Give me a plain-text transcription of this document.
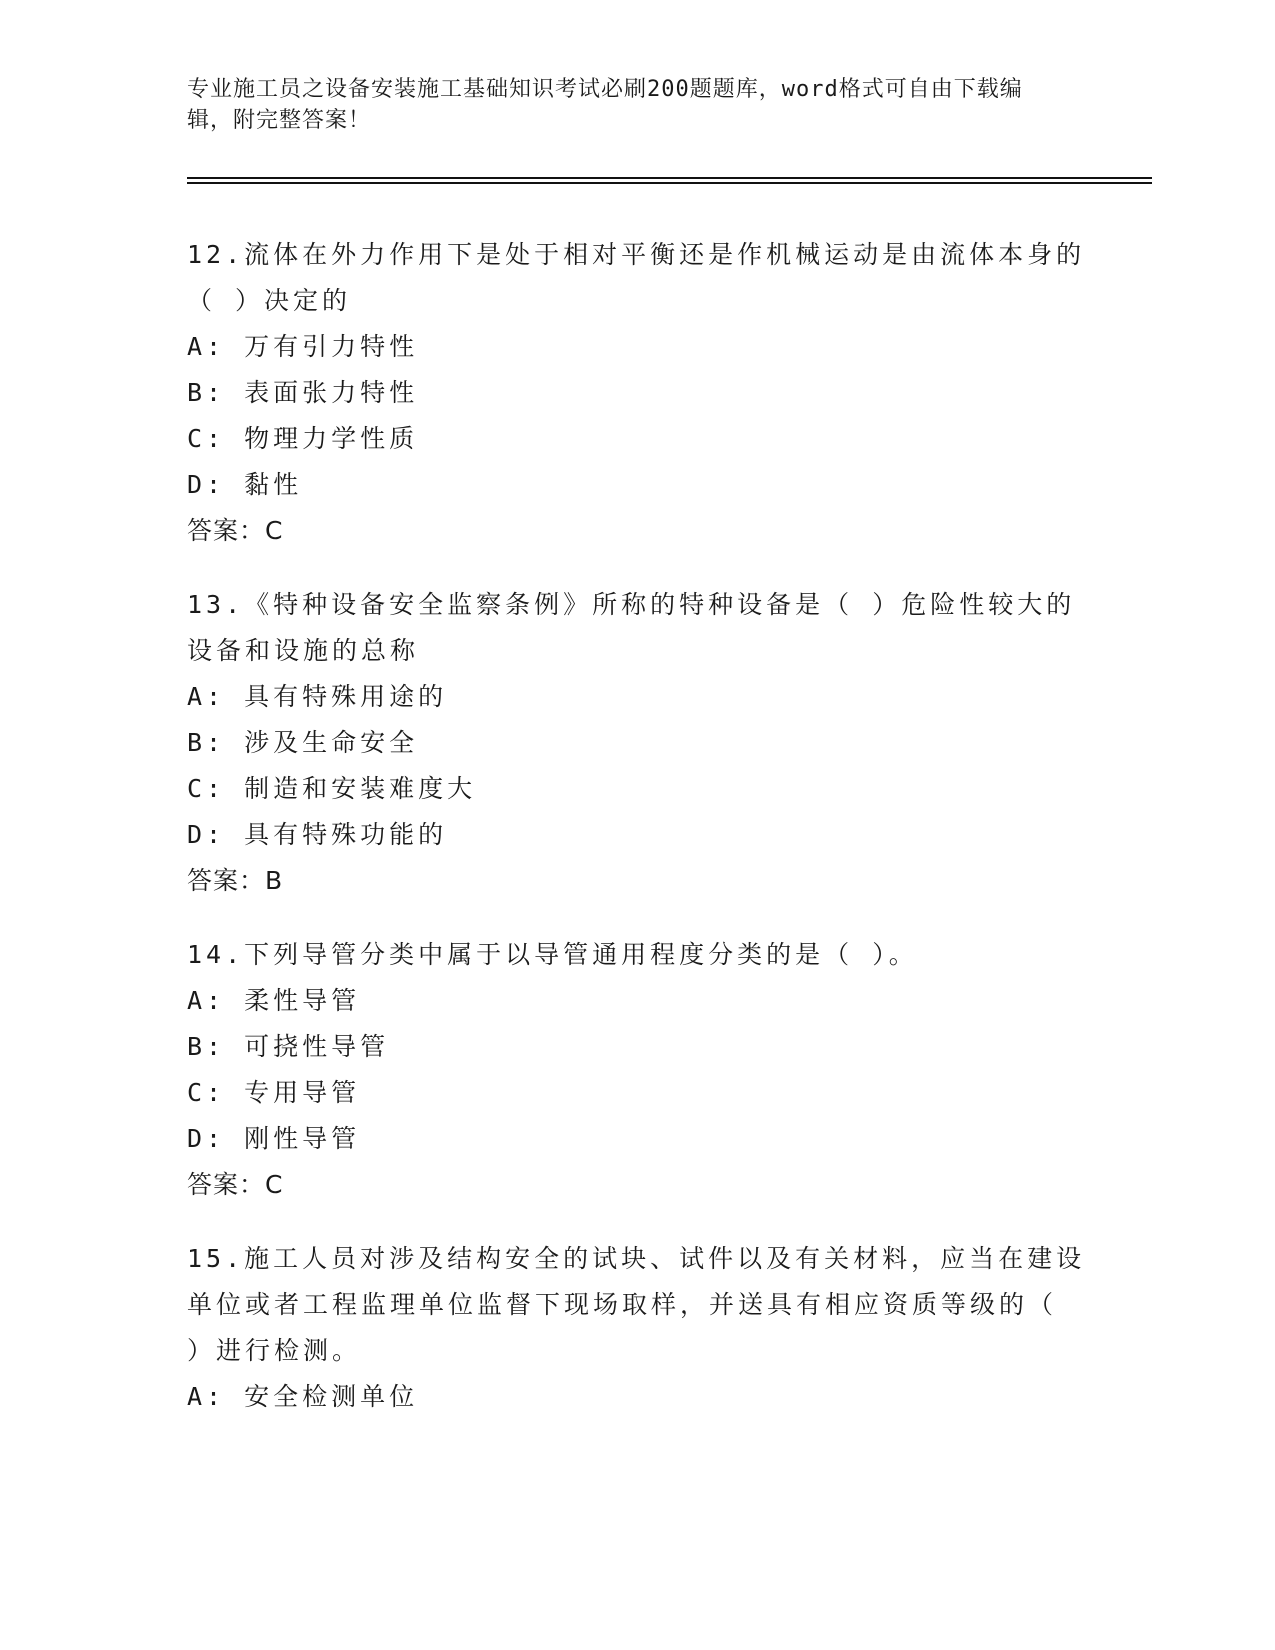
专业施工员之设备安装施工基础知识考试必刷200题题库，word格式可自由下载编辑，附完整答案！
12.流体在外力作用下是处于相对平衡还是作机械运动是由流体本身的（ ）决定的
A: 万有引力特性
B: 表面张力特性
C: 物理力学性质
D: 黏性
答案：C
13.《特种设备安全监察条例》所称的特种设备是（ ）危险性较大的设备和设施的总称
A: 具有特殊用途的
B: 涉及生命安全
C: 制造和安装难度大
D: 具有特殊功能的
答案：B
14.下列导管分类中属于以导管通用程度分类的是（ ）。
A: 柔性导管
B: 可挠性导管
C: 专用导管
D: 刚性导管
答案：C
15.施工人员对涉及结构安全的试块、试件以及有关材料，应当在建设单位或者工程监理单位监督下现场取样，并送具有相应资质等级的（ ）进行检测。
A: 安全检测单位
